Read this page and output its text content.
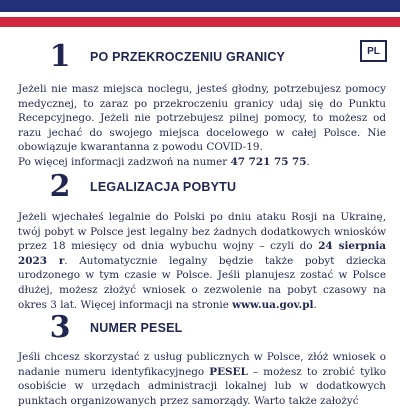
PL
1 PO PRZEKROCZENIU GRANICY

Jeżeli nie masz miejsca noclegu, jesteś głodny, potrzebujesz pomocy medycznej, to zaraz po przekroczeniu granicy udaj się do Punktu Recepcyjnego. Jeżeli nie potrzebujesz pilnej pomocy, to możesz od razu jechać do swojego miejsca docelowego w całej Polsce. Nie obowiązuje kwarantanna z powodu COVID-19.
Po więcej informacji zadzwoń na numer 47 721 75 75.

2 LEGALIZACJA POBYTU

Jeżeli wjechałeś legalnie do Polski po dniu ataku Rosji na Ukrainę, twój pobyt w Polsce jest legalny bez żadnych dodatkowych wniosków przez 18 miesięcy od dnia wybuchu wojny – czyli do 24 sierpnia 2023 r. Automatycznie legalny będzie także pobyt dziecka urodzonego w tym czasie w Polsce. Jeśli planujesz zostać w Polsce dłużej, możesz złożyć wniosek o zezwolenie na pobyt czasowy na okres 3 lat. Więcej informacji na stronie www.ua.gov.pl.

3 NUMER PESEL

Jeśli chcesz skorzystać z usług publicznych w Polsce, złóż wniosek o nadanie numeru identyfikacyjnego PESEL – możesz to zrobić tylko osobiście w urzędach administracji lokalnej lub w dodatkowych punktach organizowanych przez samorządy. Warto także założyć
